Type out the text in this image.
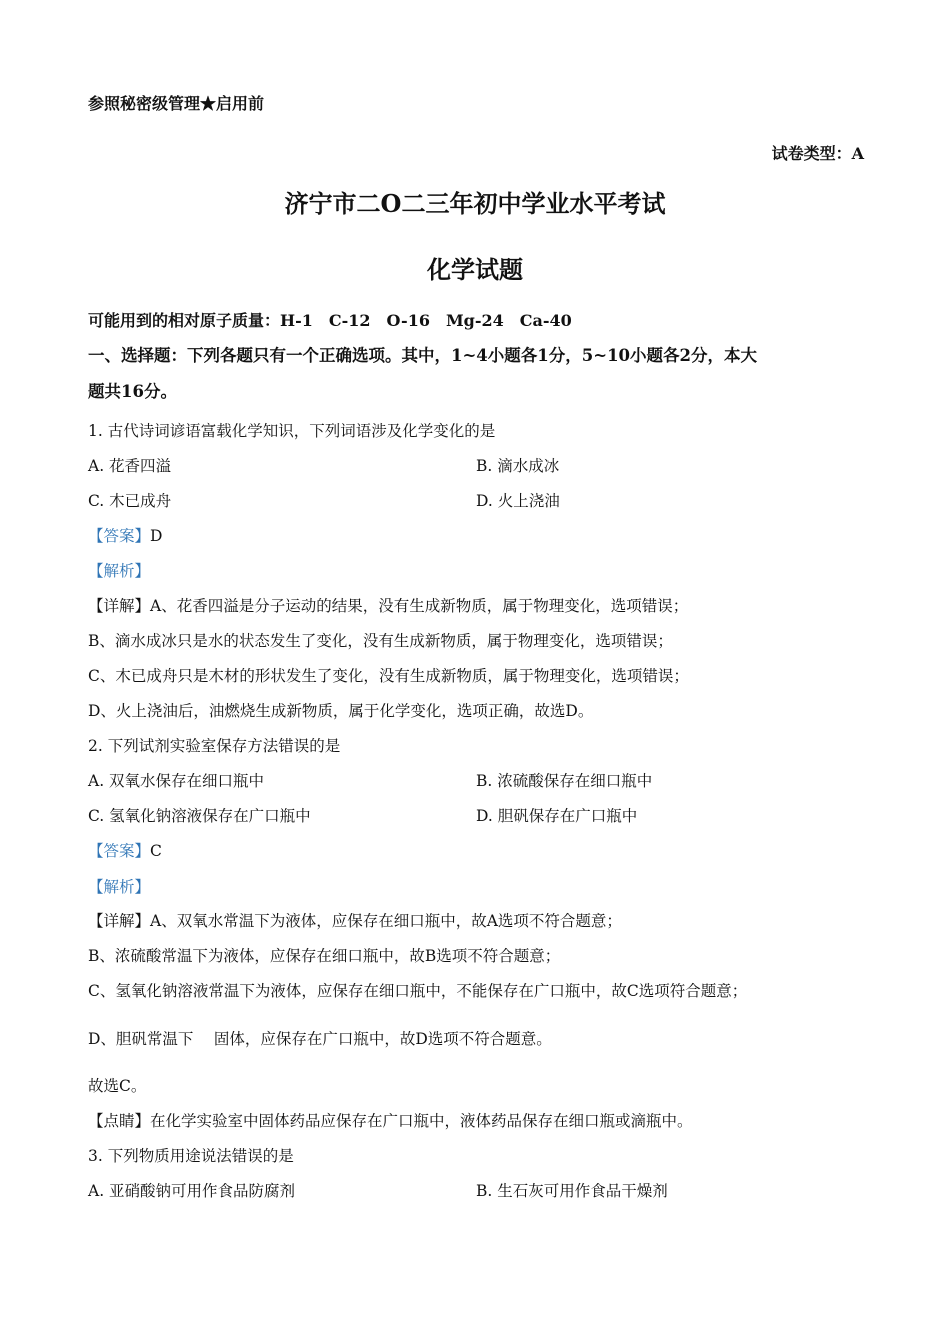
参照秘密级管理★启用前
试卷类型：A
济宁市二O二三年初中学业水平考试
化学试题
可能用到的相对原子质量：H-1　C-12　O-16　Mg-24　Ca-40
一、选择题：下列各题只有一个正确选项。其中，1~4小题各1分，5~10小题各2分，本大
题共16分。
1. 古代诗词谚语富载化学知识，下列词语涉及化学变化的是
A. 花香四溢	B. 滴水成冰
C. 木已成舟	D. 火上浇油
【答案】D
【解析】
【详解】A、花香四溢是分子运动的结果，没有生成新物质，属于物理变化，选项错误；
B、滴水成冰只是水的状态发生了变化，没有生成新物质，属于物理变化，选项错误；
C、木已成舟只是木材的形状发生了变化，没有生成新物质，属于物理变化，选项错误；
D、火上浇油后，油燃烧生成新物质，属于化学变化，选项正确，故选D。
2. 下列试剂实验室保存方法错误的是
A. 双氧水保存在细口瓶中	B. 浓硫酸保存在细口瓶中
C. 氢氧化钠溶液保存在广口瓶中	D. 胆矾保存在广口瓶中
【答案】C
【解析】
【详解】A、双氧水常温下为液体，应保存在细口瓶中，故A选项不符合题意；
B、浓硫酸常温下为液体，应保存在细口瓶中，故B选项不符合题意；
C、氢氧化钠溶液常温下为液体，应保存在细口瓶中，不能保存在广口瓶中，故C选项符合题意；
D、胆矾常温下　 固体，应保存在广口瓶中，故D选项不符合题意。
故选C。
【点睛】在化学实验室中固体药品应保存在广口瓶中，液体药品保存在细口瓶或滴瓶中。
3. 下列物质用途说法错误的是
A. 亚硝酸钠可用作食品防腐剂	B. 生石灰可用作食品干燥剂
